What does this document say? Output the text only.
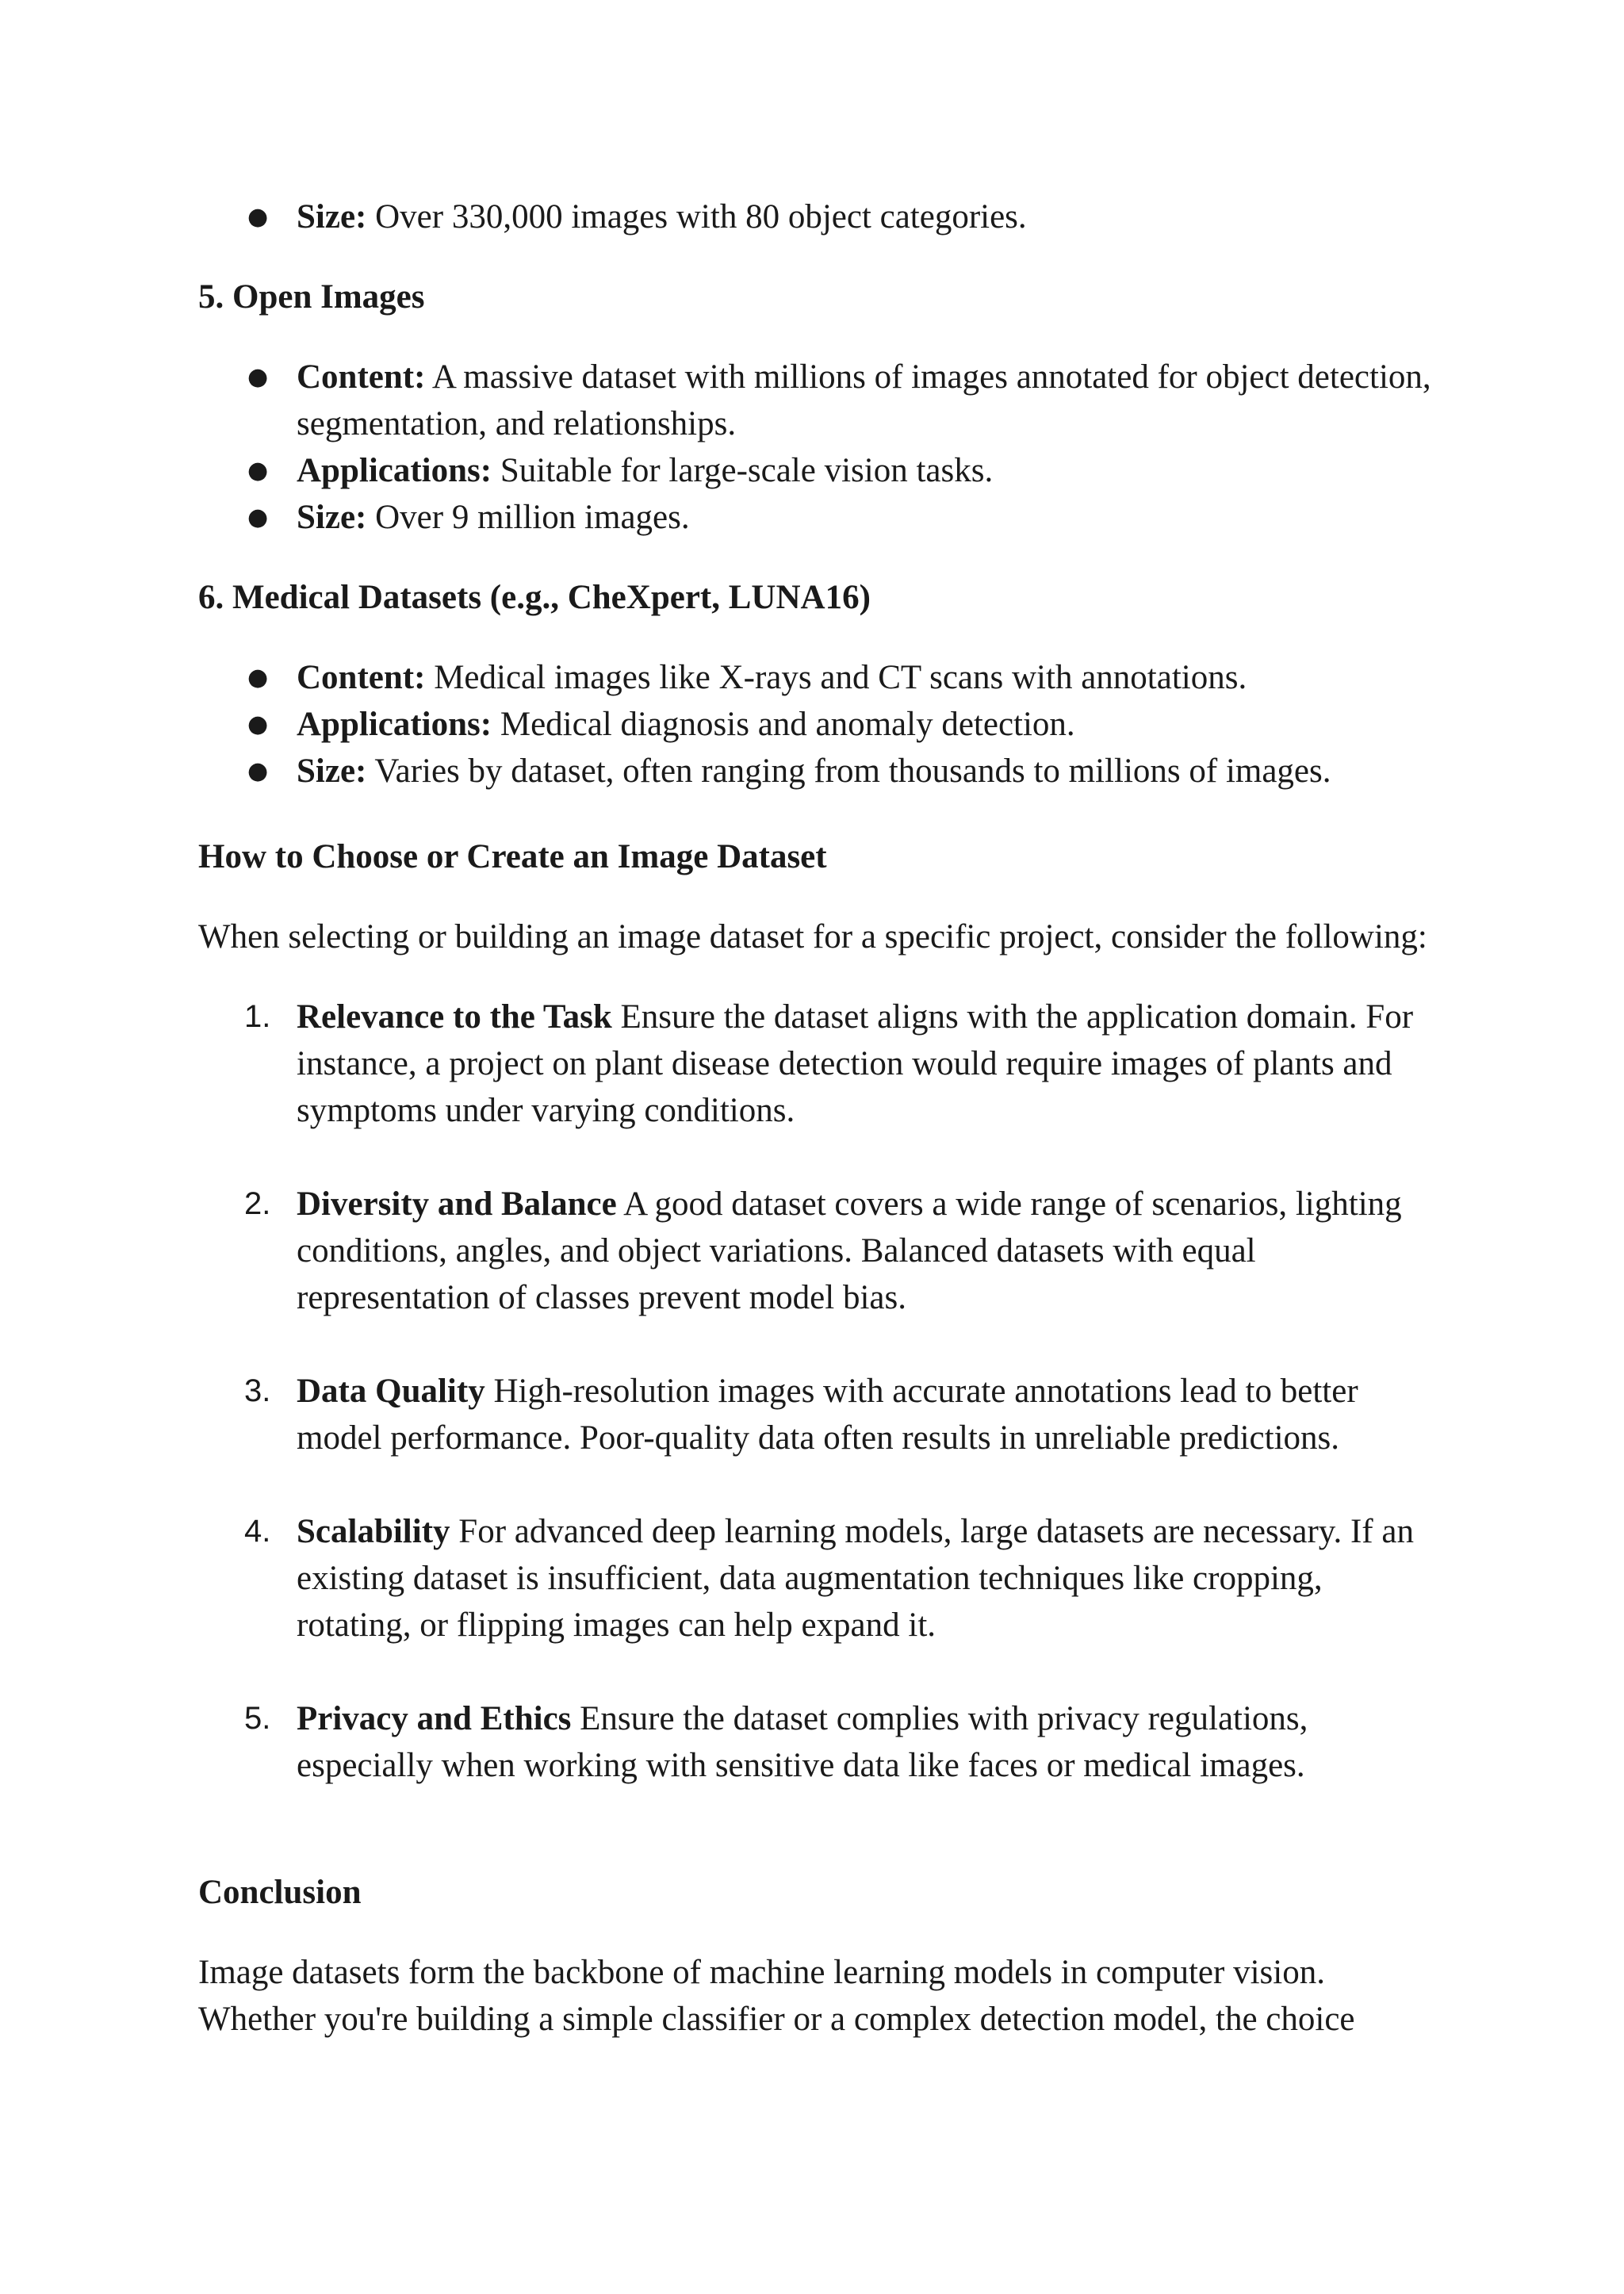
● Size: Over 330,000 images with 80 object categories.

5. Open Images

● Content: A massive dataset with millions of images annotated for object detection, segmentation, and relationships.
● Applications: Suitable for large-scale vision tasks.
● Size: Over 9 million images.

6. Medical Datasets (e.g., CheXpert, LUNA16)

● Content: Medical images like X-rays and CT scans with annotations.
● Applications: Medical diagnosis and anomaly detection.
● Size: Varies by dataset, often ranging from thousands to millions of images.

How to Choose or Create an Image Dataset

When selecting or building an image dataset for a specific project, consider the following:

1. Relevance to the Task Ensure the dataset aligns with the application domain. For instance, a project on plant disease detection would require images of plants and symptoms under varying conditions.
2. Diversity and Balance A good dataset covers a wide range of scenarios, lighting conditions, angles, and object variations. Balanced datasets with equal representation of classes prevent model bias.
3. Data Quality High-resolution images with accurate annotations lead to better model performance. Poor-quality data often results in unreliable predictions.
4. Scalability For advanced deep learning models, large datasets are necessary. If an existing dataset is insufficient, data augmentation techniques like cropping, rotating, or flipping images can help expand it.
5. Privacy and Ethics Ensure the dataset complies with privacy regulations, especially when working with sensitive data like faces or medical images.

Conclusion

Image datasets form the backbone of machine learning models in computer vision. Whether you're building a simple classifier or a complex detection model, the choice
